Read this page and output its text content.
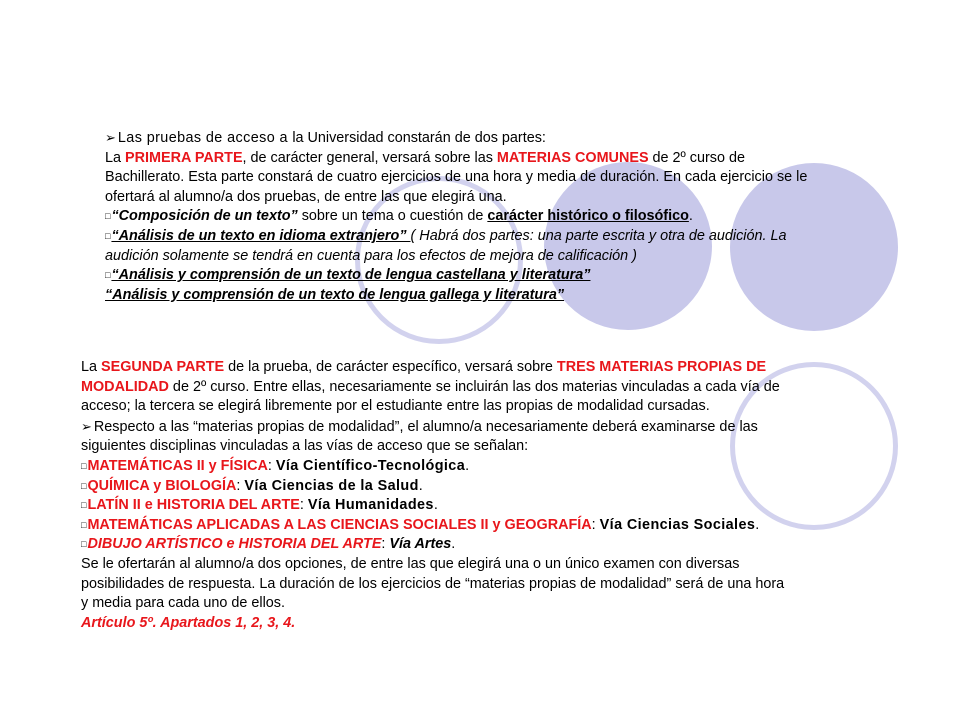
➢ Las pruebas de acceso a la Universidad constarán de dos partes:
La PRIMERA PARTE, de carácter general, versará sobre las MATERIAS COMUNES de 2º curso de
Bachillerato. Esta parte constará de cuatro ejercicios de una hora y media de duración. En cada ejercicio se le
ofertará al alumno/a dos pruebas, de entre las que elegirá una.
□“Composición de un texto” sobre un tema o cuestión de carácter histórico o filosófico.
□“Análisis de un texto en idioma extranjero” ( Habrá dos partes: una parte escrita y otra de audición. La
audición solamente se tendrá en cuenta para los efectos de mejora de calificación )
□“Análisis y comprensión de un texto de lengua castellana y literatura”
“Análisis y comprensión de un texto de lengua gallega y literatura”
La SEGUNDA PARTE de la prueba, de carácter específico, versará sobre TRES MATERIAS PROPIAS DE
MODALIDAD de 2º curso. Entre ellas, necesariamente se incluirán las dos materias vinculadas a cada vía de
acceso; la tercera se elegirá libremente por el estudiante entre las propias de modalidad cursadas.
➢ Respecto a las “materias propias de modalidad”, el alumno/a necesariamente deberá examinarse de las
siguientes disciplinas vinculadas a las vías de acceso que se señalan:
□MATEMÁTICAS II y FÍSICA: Vía Científico-Tecnológica.
□QUÍMICA y BIOLOGÍA: Vía Ciencias de la Salud.
□LATÍN II e HISTORIA DEL ARTE: Vía Humanidades.
□MATEMÁTICAS APLICADAS A LAS CIENCIAS SOCIALES II y GEOGRAFÍA: Vía Ciencias Sociales.
□DIBUJO ARTÍSTICO e HISTORIA DEL ARTE: Vía Artes.
Se le ofertarán al alumno/a dos opciones, de entre las que elegirá una o un único examen con diversas
posibilidades de respuesta. La duración de los ejercicios de “materias propias de modalidad” será de una hora
y media para cada uno de ellos.
Artículo 5º. Apartados 1, 2, 3, 4.
